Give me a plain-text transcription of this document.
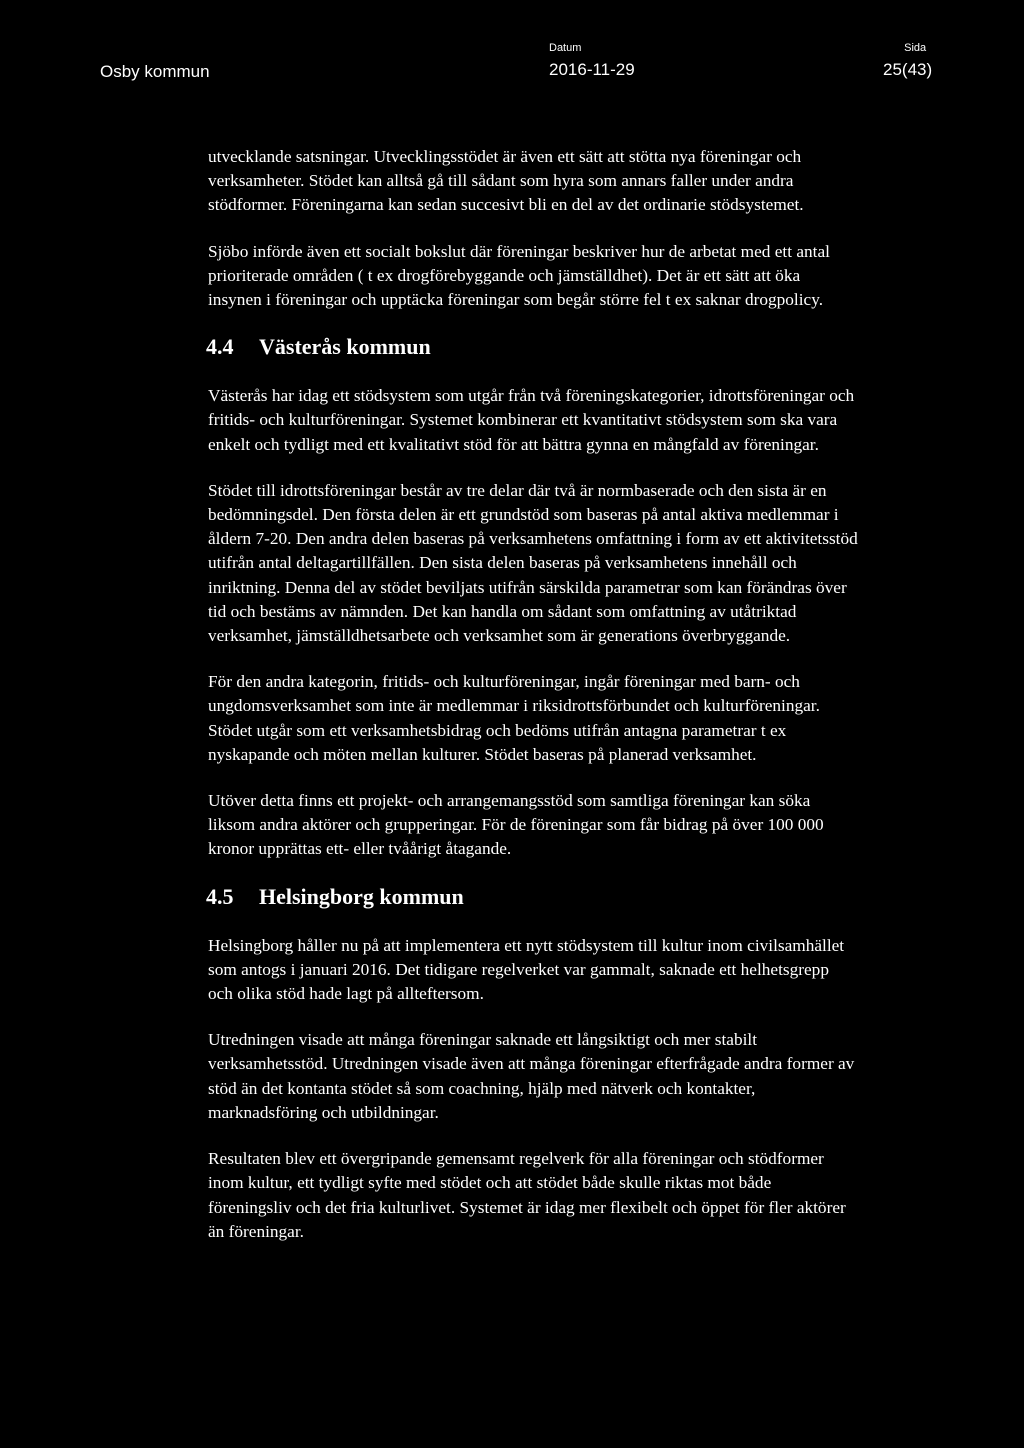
Osby kommun
Datum
2016-11-29
Sida
25(43)

utvecklande satsningar. Utvecklingsstödet är även ett sätt att stötta nya föreningar och verksamheter. Stödet kan alltså gå till sådant som hyra som annars faller under andra stödformer. Föreningarna kan sedan succesivt bli en del av det ordinarie stödsystemet.

Sjöbo införde även ett socialt bokslut där föreningar beskriver hur de arbetat med ett antal prioriterade områden ( t ex drogförebyggande och jämställdhet). Det är ett sätt att öka insynen i föreningar och upptäcka föreningar som begår större fel t ex saknar drogpolicy.

4.4 Västerås kommun

Västerås har idag ett stödsystem som utgår från två föreningskategorier, idrottsföreningar och fritids- och kulturföreningar. Systemet kombinerar ett kvantitativt stödsystem som ska vara enkelt och tydligt med ett kvalitativt stöd för att bättra gynna en mångfald av föreningar.

Stödet till idrottsföreningar består av tre delar där två är normbaserade och den sista är en bedömningsdel. Den första delen är ett grundstöd som baseras på antal aktiva medlemmar i åldern 7-20. Den andra delen baseras på verksamhetens omfattning i form av ett aktivitetsstöd utifrån antal deltagartillfällen. Den sista delen baseras på verksamhetens innehåll och inriktning. Denna del av stödet beviljats utifrån särskilda parametrar som kan förändras över tid och bestäms av nämnden. Det kan handla om sådant som omfattning av utåtriktad verksamhet, jämställdhetsarbete och verksamhet som är generations överbryggande.

För den andra kategorin, fritids- och kulturföreningar, ingår föreningar med barn- och ungdomsverksamhet som inte är medlemmar i riksidrottsförbundet och kulturföreningar. Stödet utgår som ett verksamhetsbidrag och bedöms utifrån antagna parametrar t ex nyskapande och möten mellan kulturer. Stödet baseras på planerad verksamhet.

Utöver detta finns ett projekt- och arrangemangsstöd som samtliga föreningar kan söka liksom andra aktörer och grupperingar. För de föreningar som får bidrag på över 100 000 kronor upprättas ett- eller tvåårigt åtagande.

4.5 Helsingborg kommun

Helsingborg håller nu på att implementera ett nytt stödsystem till kultur inom civilsamhället som antogs i januari 2016. Det tidigare regelverket var gammalt, saknade ett helhetsgrepp och olika stöd hade lagt på allteftersom.

Utredningen visade att många föreningar saknade ett långsiktigt och mer stabilt verksamhetsstöd. Utredningen visade även att många föreningar efterfrågade andra former av stöd än det kontanta stödet så som coachning, hjälp med nätverk och kontakter, marknadsföring och utbildningar.

Resultaten blev ett övergripande gemensamt regelverk för alla föreningar och stödformer inom kultur, ett tydligt syfte med stödet och att stödet både skulle riktas mot både föreningsliv och det fria kulturlivet. Systemet är idag mer flexibelt och öppet för fler aktörer än föreningar.
